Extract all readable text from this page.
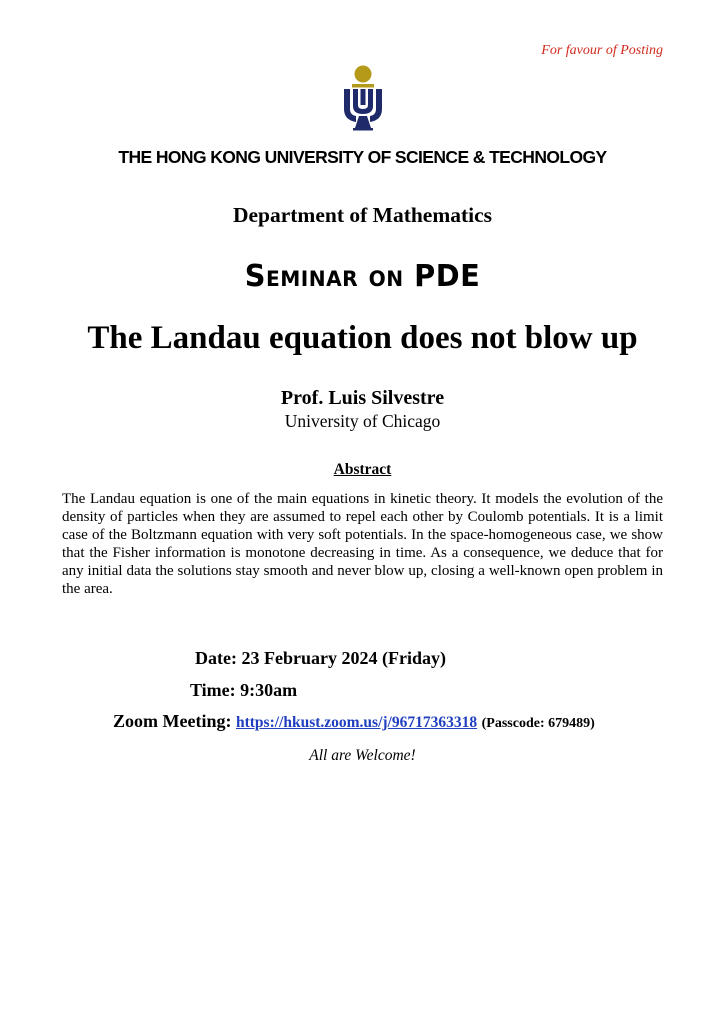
For favour of Posting
THE HONG KONG UNIVERSITY OF SCIENCE & TECHNOLOGY
Department of Mathematics
Seminar on PDE
The Landau equation does not blow up
Prof. Luis Silvestre
University of Chicago
Abstract
The Landau equation is one of the main equations in kinetic theory. It models the evolution of the density of particles when they are assumed to repel each other by Coulomb potentials. It is a limit case of the Boltzmann equation with very soft potentials. In the space-homogeneous case, we show that the Fisher information is monotone decreasing in time. As a consequence, we deduce that for any initial data the solutions stay smooth and never blow up, closing a well-known open problem in the area.
Date: 23 February 2024 (Friday)
Time: 9:30am
Zoom Meeting: https://hkust.zoom.us/j/96717363318 (Passcode: 679489)
All are Welcome!
